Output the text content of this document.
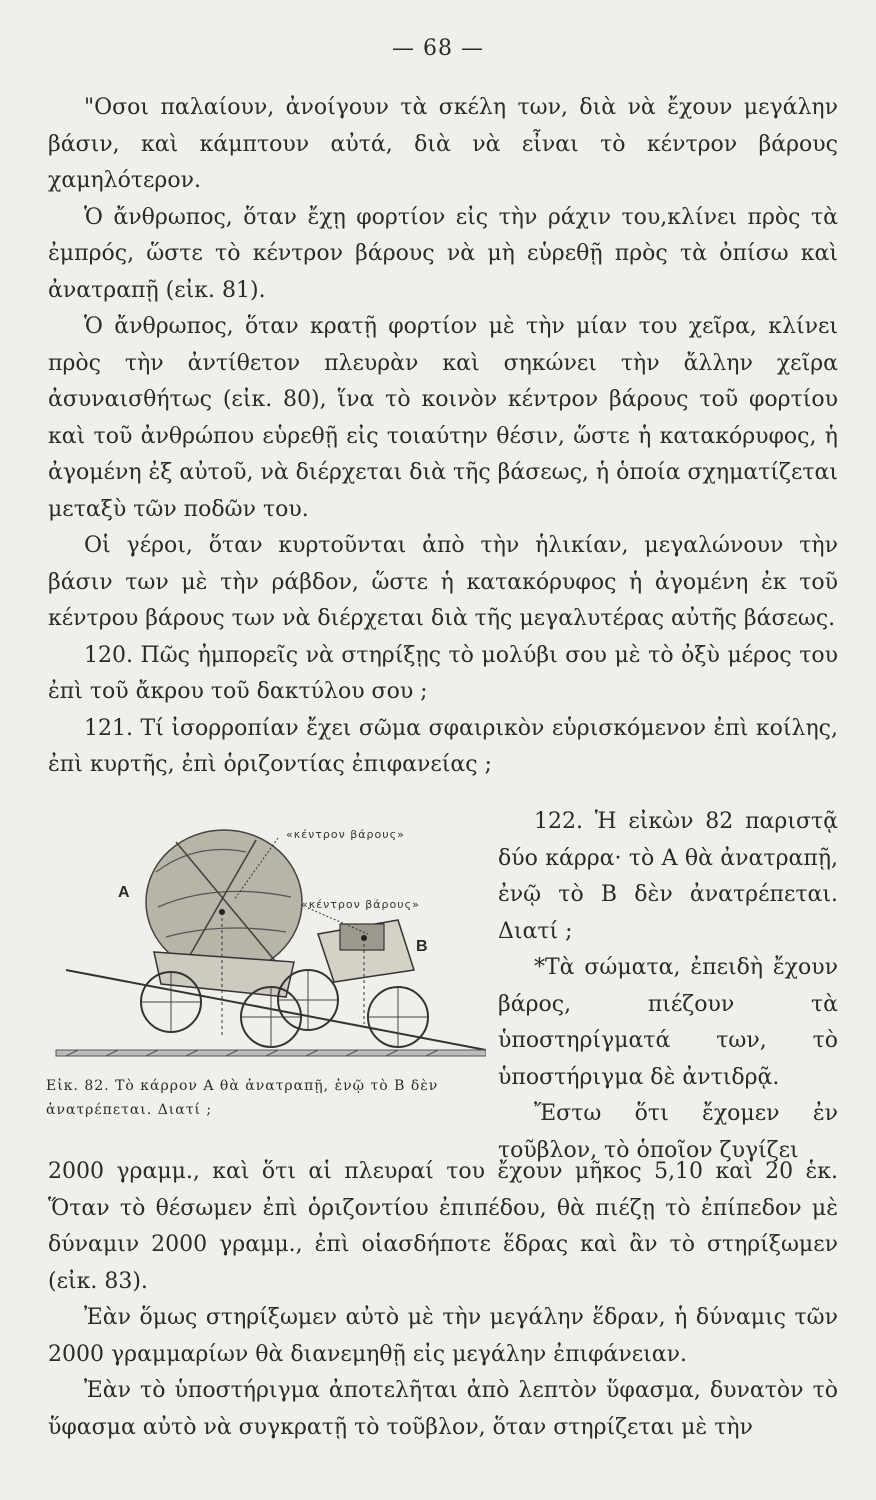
— 68 —

"Οσοι παλαίουν, ἀνοίγουν τὰ σκέλη των, διὰ νὰ ἔχουν μεγάλην βάσιν, καὶ κάμπτουν αὐτά, διὰ νὰ εἶναι τὸ κέντρον βάρους χαμηλότερον.

Ὁ ἄνθρωπος, ὅταν ἔχῃ φορτίον εἰς τὴν ράχιν του,κλίνει πρὸς τὰ ἐμπρός, ὥστε τὸ κέντρον βάρους νὰ μὴ εὑρεθῇ πρὸς τὰ ὀπίσω καὶ ἀνατραπῇ (εἰκ. 81).

Ὁ ἄνθρωπος, ὅταν κρατῇ φορτίον μὲ τὴν μίαν του χεῖρα, κλίνει πρὸς τὴν ἀντίθετον πλευρὰν καὶ σηκώνει τὴν ἄλλην χεῖρα ἀσυναισθήτως (εἰκ. 80), ἵνα τὸ κοινὸν κέντρον βάρους τοῦ φορτίου καὶ τοῦ ἀνθρώπου εὑρεθῇ εἰς τοιαύτην θέσιν, ὥστε ἡ κατακόρυφος, ἡ ἀγομένη ἐξ αὐτοῦ, νὰ διέρχεται διὰ τῆς βάσεως, ἡ ὁποία σχηματίζεται μεταξὺ τῶν ποδῶν του.

Οἱ γέροι, ὅταν κυρτοῦνται ἀπὸ τὴν ἡλικίαν, μεγαλώνουν τὴν βάσιν των μὲ τὴν ράβδον, ὥστε ἡ κατακόρυφος ἡ ἀγομένη ἐκ τοῦ κέντρου βάρους των νὰ διέρχεται διὰ τῆς μεγαλυτέρας αὐτῆς βάσεως.

120. Πῶς ἠμπορεῖς νὰ στηρίξῃς τὸ μολύβι σου μὲ τὸ ὀξὺ μέρος του ἐπὶ τοῦ ἄκρου τοῦ δακτύλου σου ;

121. Τί ἰσορροπίαν ἔχει σῶμα σφαιρικὸν εὑρισκόμενον ἐπὶ κοίλης, ἐπὶ κυρτῆς, ἐπὶ ὁριζοντίας ἐπιφανείας ;

«κέντρον βάρους»
«κέντρον βάρους»
A
B
Εἰκ. 82. Τὸ κάρρον Α θὰ ἀνατραπῇ, ἐνῷ τὸ Β δὲν ἀνατρέπεται. Διατί ;

122. Ἡ εἰκὼν 82 παριστᾷ δύο κάρρα· τὸ Α θὰ ἀνατραπῇ, ἐνῷ τὸ Β δὲν ἀνατρέπεται. Διατί ;

*Τὰ σώματα, ἐπειδὴ ἔχουν βάρος, πιέζουν τὰ ὑποστηρίγματά των, τὸ ὑποστήριγμα δὲ ἀντιδρᾷ.

Ἔστω ὅτι ἔχομεν ἐν τοῦβλον, τὸ ὁποῖον ζυγίζει

2000 γραμμ., καὶ ὅτι αἱ πλευραί του ἔχουν μῆκος 5,10 καὶ 20 ἑκ. Ὅταν τὸ θέσωμεν ἐπὶ ὁριζοντίου ἐπιπέδου, θὰ πιέζῃ τὸ ἐπίπεδον μὲ δύναμιν 2000 γραμμ., ἐπὶ οἱασδήποτε ἕδρας καὶ ἂν τὸ στηρίξωμεν (εἰκ. 83).

Ἐὰν ὅμως στηρίξωμεν αὐτὸ μὲ τὴν μεγάλην ἕδραν, ἡ δύναμις τῶν 2000 γραμμαρίων θὰ διανεμηθῇ εἰς μεγάλην ἐπιφάνειαν.

Ἐὰν τὸ ὑποστήριγμα ἀποτελῆται ἀπὸ λεπτὸν ὕφασμα, δυνατὸν τὸ ὕφασμα αὐτὸ νὰ συγκρατῇ τὸ τοῦβλον, ὅταν στηρίζεται μὲ τὴν
